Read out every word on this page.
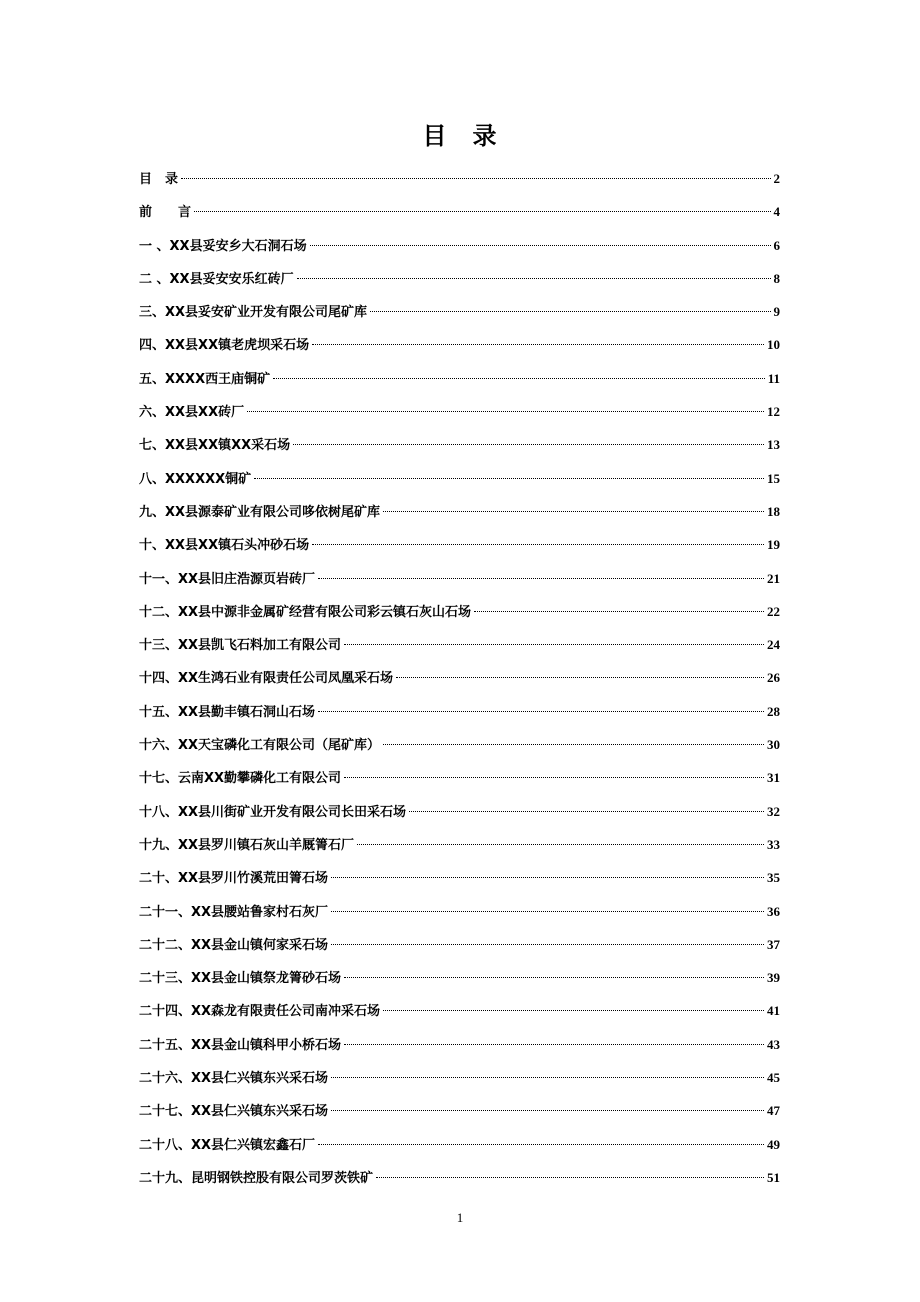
目　录
目　录	2
前　　言	4
一 、XX县妥安乡大石洞石场	6
二 、XX县妥安安乐红砖厂	8
三、XX县妥安矿业开发有限公司尾矿库	9
四、XX县XX镇老虎坝采石场	10
五、XXXX西王庙铜矿	11
六、XX县XX砖厂	12
七、XX县XX镇XX采石场	13
八、XXXXXX铜矿	15
九、XX县源泰矿业有限公司哆依树尾矿库	18
十、XX县XX镇石头冲砂石场	19
十一、XX县旧庄浩源页岩砖厂	21
十二、XX县中源非金属矿经营有限公司彩云镇石灰山石场	22
十三、XX县凯飞石料加工有限公司	24
十四、XX生鸿石业有限责任公司凤凰采石场	26
十五、XX县勤丰镇石洞山石场	28
十六、XX天宝磷化工有限公司（尾矿库）	30
十七、云南XX勤攀磷化工有限公司	31
十八、XX县川街矿业开发有限公司长田采石场	32
十九、XX县罗川镇石灰山羊厩箐石厂	33
二十、XX县罗川竹溪荒田箐石场	35
二十一、XX县腰站鲁家村石灰厂	36
二十二、XX县金山镇何家采石场	37
二十三、XX县金山镇祭龙箐砂石场	39
二十四、XX森龙有限责任公司南冲采石场	41
二十五、XX县金山镇科甲小桥石场	43
二十六、XX县仁兴镇东兴采石场	45
二十七、XX县仁兴镇东兴采石场	47
二十八、XX县仁兴镇宏鑫石厂	49
二十九、昆明钢铁控股有限公司罗茨铁矿	51
1
